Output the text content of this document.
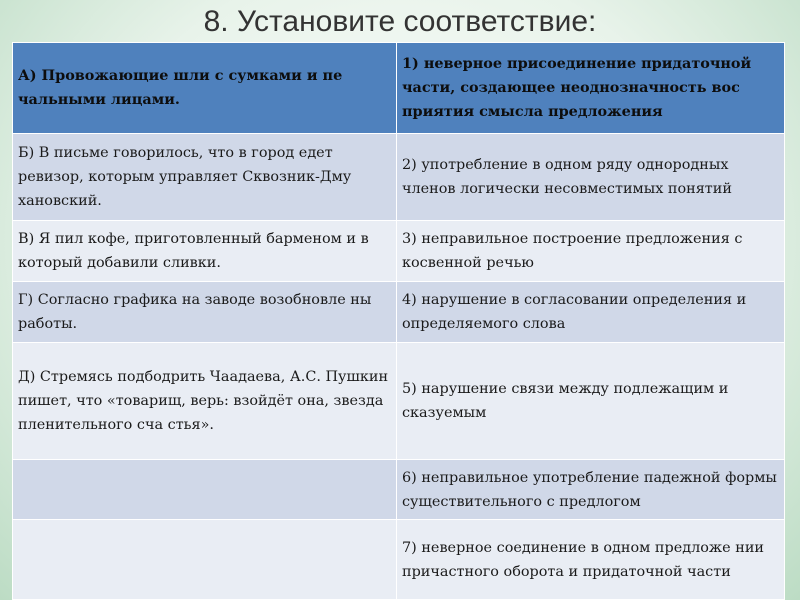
8. Установите соответствие:
А) Провожающие шли с сумками и пе чальными лицами.	1) неверное присоединение придаточной части, создающее неоднозначность вос приятия смысла предложения
Б) В письме говорилось, что в город едет ревизор, которым управляет Сквозник-Дму хановский.	2) употребление в одном ряду однородных членов логически несовместимых понятий
В) Я пил кофе, приготовленный барменом и в который добавили сливки.	3) неправильное построение предложения с косвенной речью
Г) Согласно графика на заводе возобновле ны работы.	4) нарушение в согласовании определения и определяемого слова
Д) Стремясь подбодрить Чаадаева, А.С. Пушкин пишет, что «товарищ, верь: взойдёт она, звезда пленительного сча стья».	5) нарушение связи между подлежащим и сказуемым
	6) неправильное употребление падежной формы существительного с предлогом
	7) неверное соединение в одном предложе нии причастного оборота и придаточной части
